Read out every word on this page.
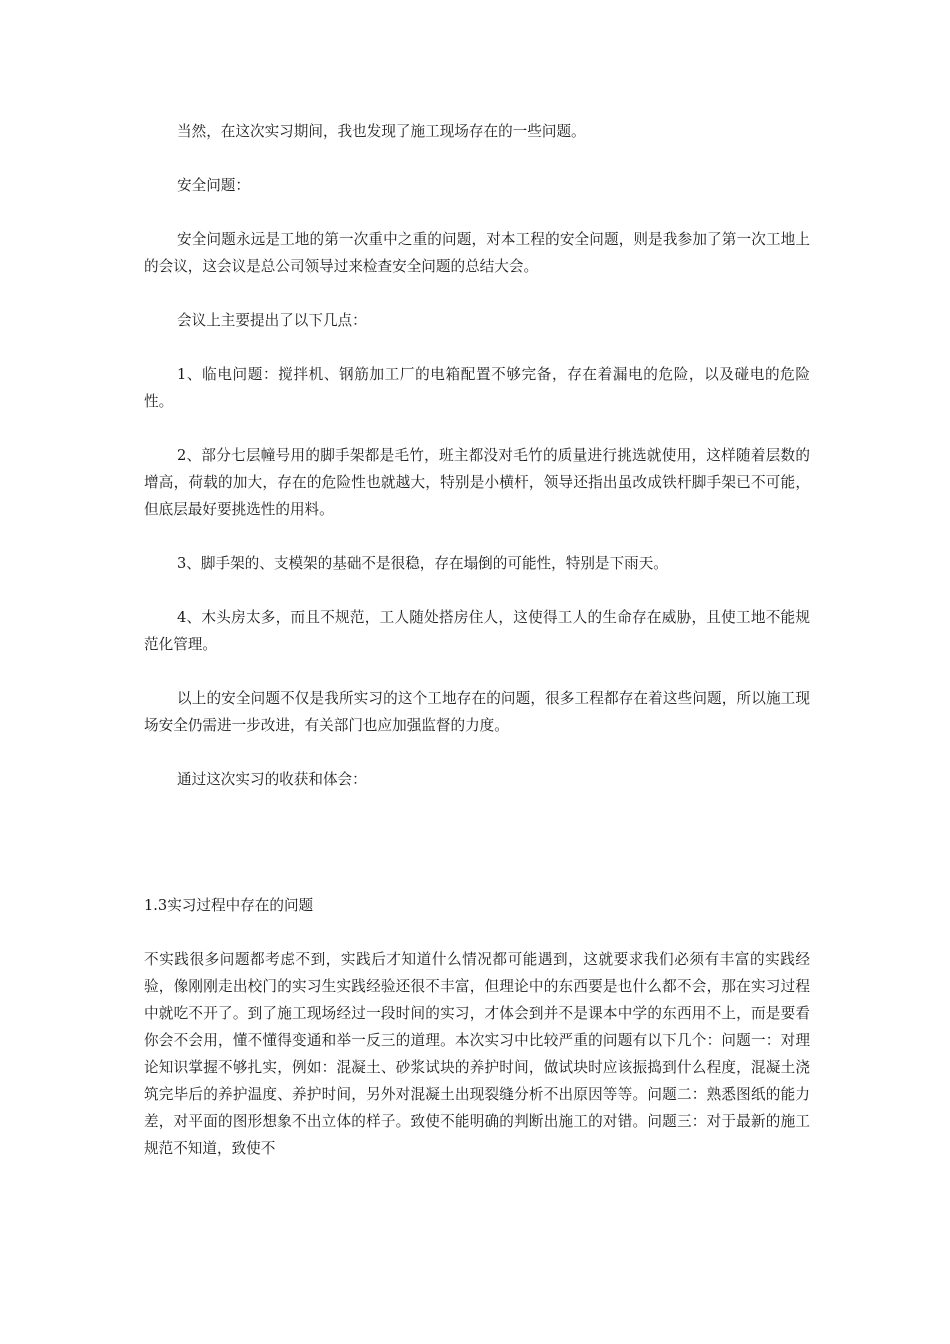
当然，在这次实习期间，我也发现了施工现场存在的一些问题。

安全问题：

安全问题永远是工地的第一次重中之重的问题，对本工程的安全问题，则是我参加了第一次工地上的会议，这会议是总公司领导过来检查安全问题的总结大会。

会议上主要提出了以下几点：

1、临电问题：搅拌机、钢筋加工厂的电箱配置不够完备，存在着漏电的危险，以及碰电的危险性。

2、部分七层幢号用的脚手架都是毛竹，班主都没对毛竹的质量进行挑选就使用，这样随着层数的增高，荷载的加大，存在的危险性也就越大，特别是小横杆，领导还指出虽改成铁杆脚手架已不可能，但底层最好要挑选性的用料。

3、脚手架的、支模架的基础不是很稳，存在塌倒的可能性，特别是下雨天。

4、木头房太多，而且不规范，工人随处搭房住人，这使得工人的生命存在威胁，且使工地不能规范化管理。

以上的安全问题不仅是我所实习的这个工地存在的问题，很多工程都存在着这些问题，所以施工现场安全仍需进一步改进，有关部门也应加强监督的力度。

通过这次实习的收获和体会：

1.3实习过程中存在的问题

不实践很多问题都考虑不到，实践后才知道什么情况都可能遇到，这就要求我们必须有丰富的实践经验，像刚刚走出校门的实习生实践经验还很不丰富，但理论中的东西要是也什么都不会，那在实习过程中就吃不开了。到了施工现场经过一段时间的实习，才体会到并不是课本中学的东西用不上，而是要看你会不会用，懂不懂得变通和举一反三的道理。本次实习中比较严重的问题有以下几个：问题一：对理论知识掌握不够扎实，例如：混凝土、砂浆试块的养护时间，做试块时应该振捣到什么程度，混凝土浇筑完毕后的养护温度、养护时间，另外对混凝土出现裂缝分析不出原因等等。问题二：熟悉图纸的能力差，对平面的图形想象不出立体的样子。致使不能明确的判断出施工的对错。问题三：对于最新的施工规范不知道，致使不
